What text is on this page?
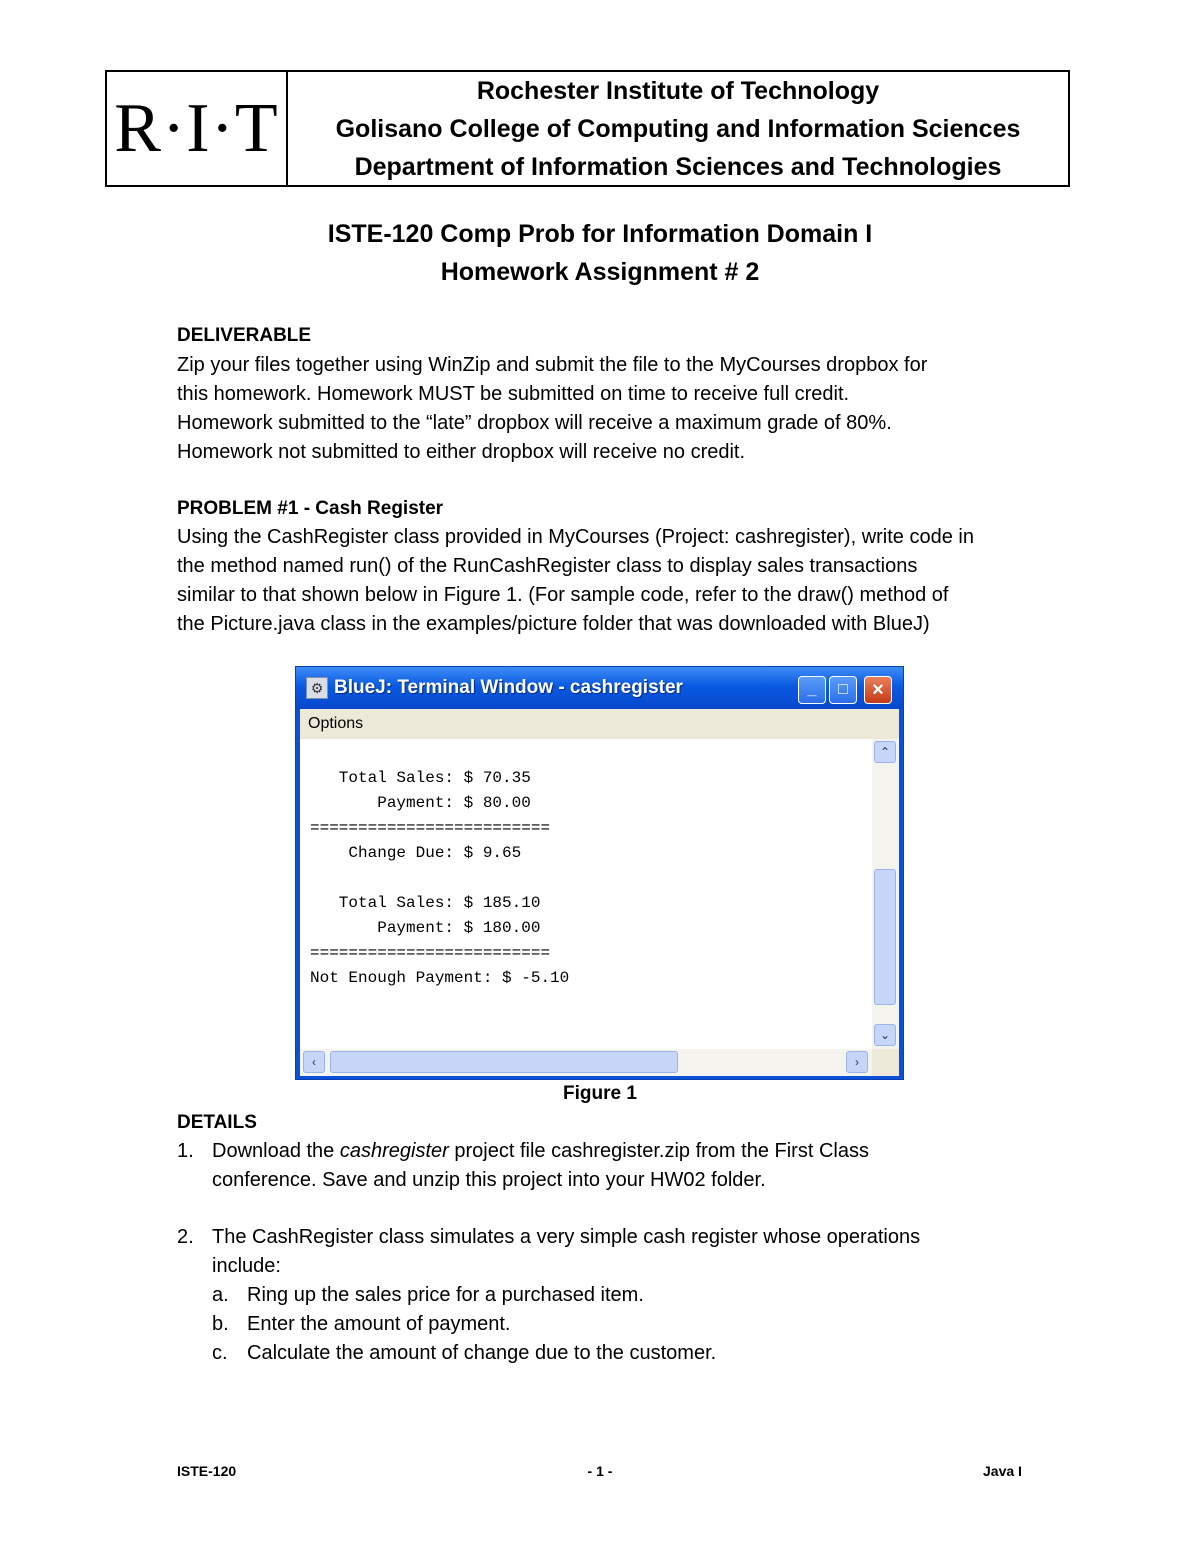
R·I·T	Rochester Institute of Technology
Golisano College of Computing and Information Sciences
Department of Information Sciences and Technologies
ISTE-120 Comp Prob for Information Domain I
Homework Assignment # 2
DELIVERABLE
Zip your files together using WinZip and submit the file to the MyCourses dropbox for
this homework. Homework MUST be submitted on time to receive full credit.
Homework submitted to the “late” dropbox will receive a maximum grade of 80%.
Homework not submitted to either dropbox will receive no credit.
PROBLEM #1 - Cash Register
Using the CashRegister class provided in MyCourses (Project: cashregister), write code in
the method named run() of the RunCashRegister class to display sales transactions
similar to that shown below in Figure 1. (For sample code, refer to the draw() method of
the Picture.java class in the examples/picture folder that was downloaded with BlueJ)
⚙ BlueJ: Terminal Window - cashregister	_	□	×
Options
Total Sales: $ 70.35
Payment: $ 80.00
=========================
Change Due: $ 9.65
Total Sales: $ 185.10
Payment: $ 180.00
=========================
Not Enough Payment: $ -5.10
⌃
⌄
‹	›
Figure 1
DETAILS
1. Download the cashregister project file cashregister.zip from the First Class
conference. Save and unzip this project into your HW02 folder.
2. The CashRegister class simulates a very simple cash register whose operations
include:
a. Ring up the sales price for a purchased item.
b. Enter the amount of payment.
c. Calculate the amount of change due to the customer.
ISTE-120	- 1 -	Java I
